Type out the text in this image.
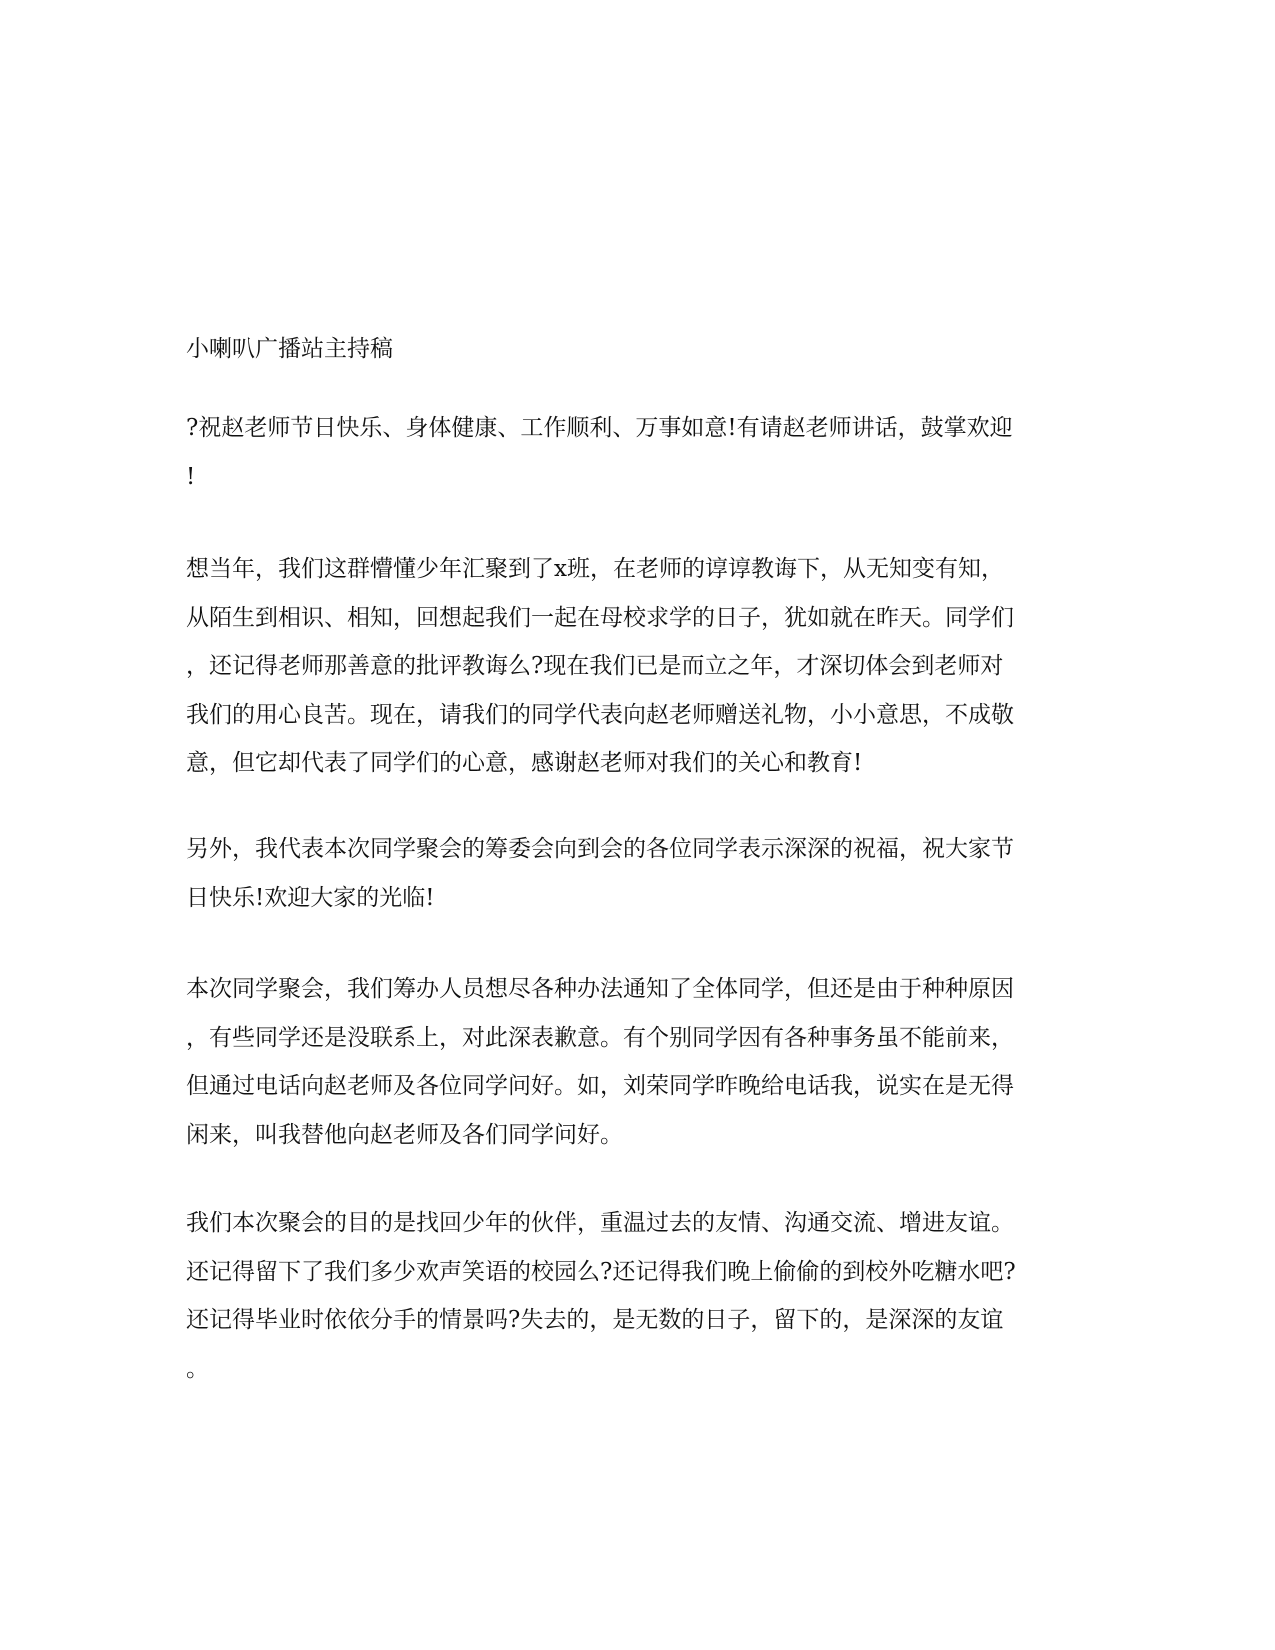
小喇叭广播站主持稿
?祝赵老师节日快乐、身体健康、工作顺利、万事如意!有请赵老师讲话，鼓掌欢迎
!
想当年，我们这群懵懂少年汇聚到了x班，在老师的谆谆教诲下，从无知变有知，
从陌生到相识、相知，回想起我们一起在母校求学的日子，犹如就在昨天。同学们
，还记得老师那善意的批评教诲么?现在我们已是而立之年，才深切体会到老师对
我们的用心良苦。现在，请我们的同学代表向赵老师赠送礼物，小小意思，不成敬
意，但它却代表了同学们的心意，感谢赵老师对我们的关心和教育!
另外，我代表本次同学聚会的筹委会向到会的各位同学表示深深的祝福，祝大家节
日快乐!欢迎大家的光临!
本次同学聚会，我们筹办人员想尽各种办法通知了全体同学，但还是由于种种原因
，有些同学还是没联系上，对此深表歉意。有个别同学因有各种事务虽不能前来，
但通过电话向赵老师及各位同学问好。如，刘荣同学昨晚给电话我，说实在是无得
闲来，叫我替他向赵老师及各们同学问好。
我们本次聚会的目的是找回少年的伙伴，重温过去的友情、沟通交流、增进友谊。
还记得留下了我们多少欢声笑语的校园么?还记得我们晚上偷偷的到校外吃糖水吧?
还记得毕业时依依分手的情景吗?失去的，是无数的日子，留下的，是深深的友谊
。
